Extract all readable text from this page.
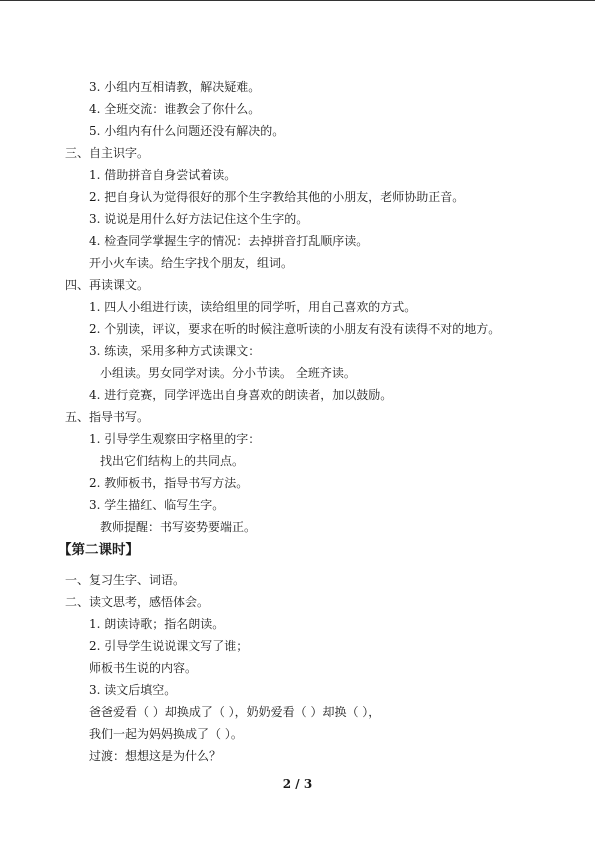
3. 小组内互相请教，解决疑难。
4. 全班交流：谁教会了你什么。
5. 小组内有什么问题还没有解决的。
三、自主识字。
1. 借助拼音自身尝试着读。
2. 把自身认为觉得很好的那个生字教给其他的小朋友，老师协助正音。
3. 说说是用什么好方法记住这个生字的。
4. 检查同学掌握生字的情况：去掉拼音打乱顺序读。
开小火车读。给生字找个朋友，组词。
四、再读课文。
1. 四人小组进行读，读给组里的同学听，用自己喜欢的方式。
2. 个别读，评议，要求在听的时候注意听读的小朋友有没有读得不对的地方。
3. 练读，采用多种方式读课文：
小组读。男女同学对读。分小节读。 全班齐读。
4. 进行竞赛，同学评选出自身喜欢的朗读者，加以鼓励。
五、指导书写。
1. 引导学生观察田字格里的字：
找出它们结构上的共同点。
2. 教师板书，指导书写方法。
3. 学生描红、临写生字。
教师提醒：书写姿势要端正。
【第二课时】
一、复习生字、词语。
二、读文思考，感悟体会。
1. 朗读诗歌；指名朗读。
2. 引导学生说说课文写了谁；
师板书生说的内容。
3. 读文后填空。
爸爸爱看（ ）却换成了（ ），奶奶爱看（ ）却换（ ），
我们一起为妈妈换成了（ ）。
过渡：想想这是为什么？
2 / 3
